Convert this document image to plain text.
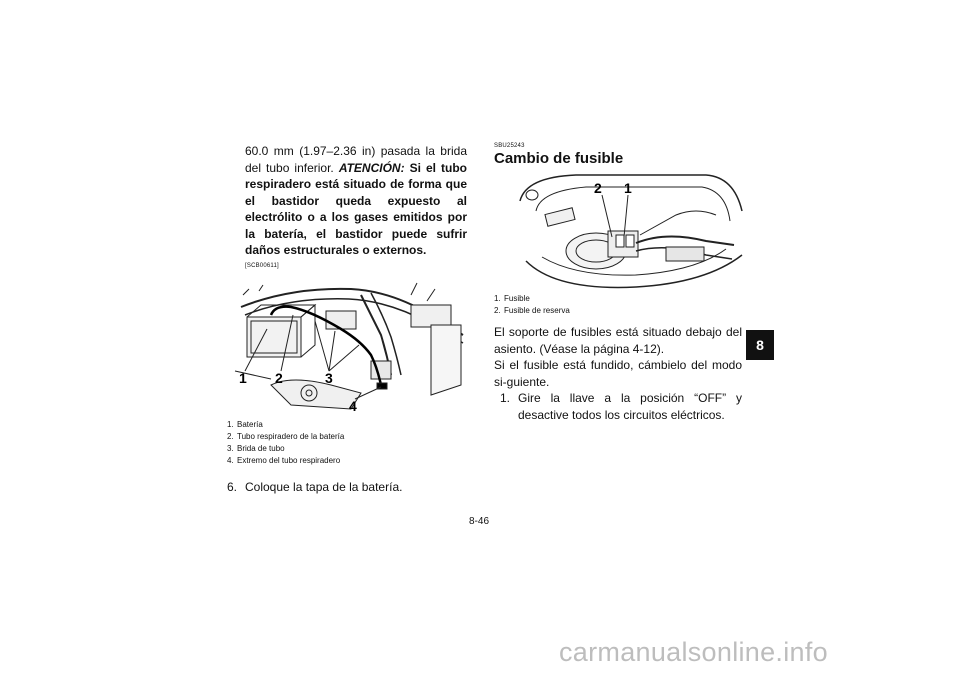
60.0 mm (1.97–2.36 in) pasada la brida del tubo inferior. ATENCIÓN: Si el tubo respiradero está situado de forma que el bastidor queda expuesto al electrólito o a los gases emitidos por la batería, el bastidor puede sufrir daños estructurales o externos.

[SCB00611]

1 2	3
4
1. Batería
2. Tubo respiradero de la batería
3. Brida de tubo
4. Extremo del tubo respiradero
6. Coloque la tapa de la batería.

SBU25243

Cambio de fusible

2 1
1. Fusible
2. Fusible de reserva

El soporte de fusibles está situado debajo del asiento. (Véase la página 4-12).

Si el fusible está fundido, cámbielo del modo si-guiente.

1. Gire la llave a la posición “OFF” y desactive todos los circuitos eléctricos.
8
8-46
carmanualsonline.info
